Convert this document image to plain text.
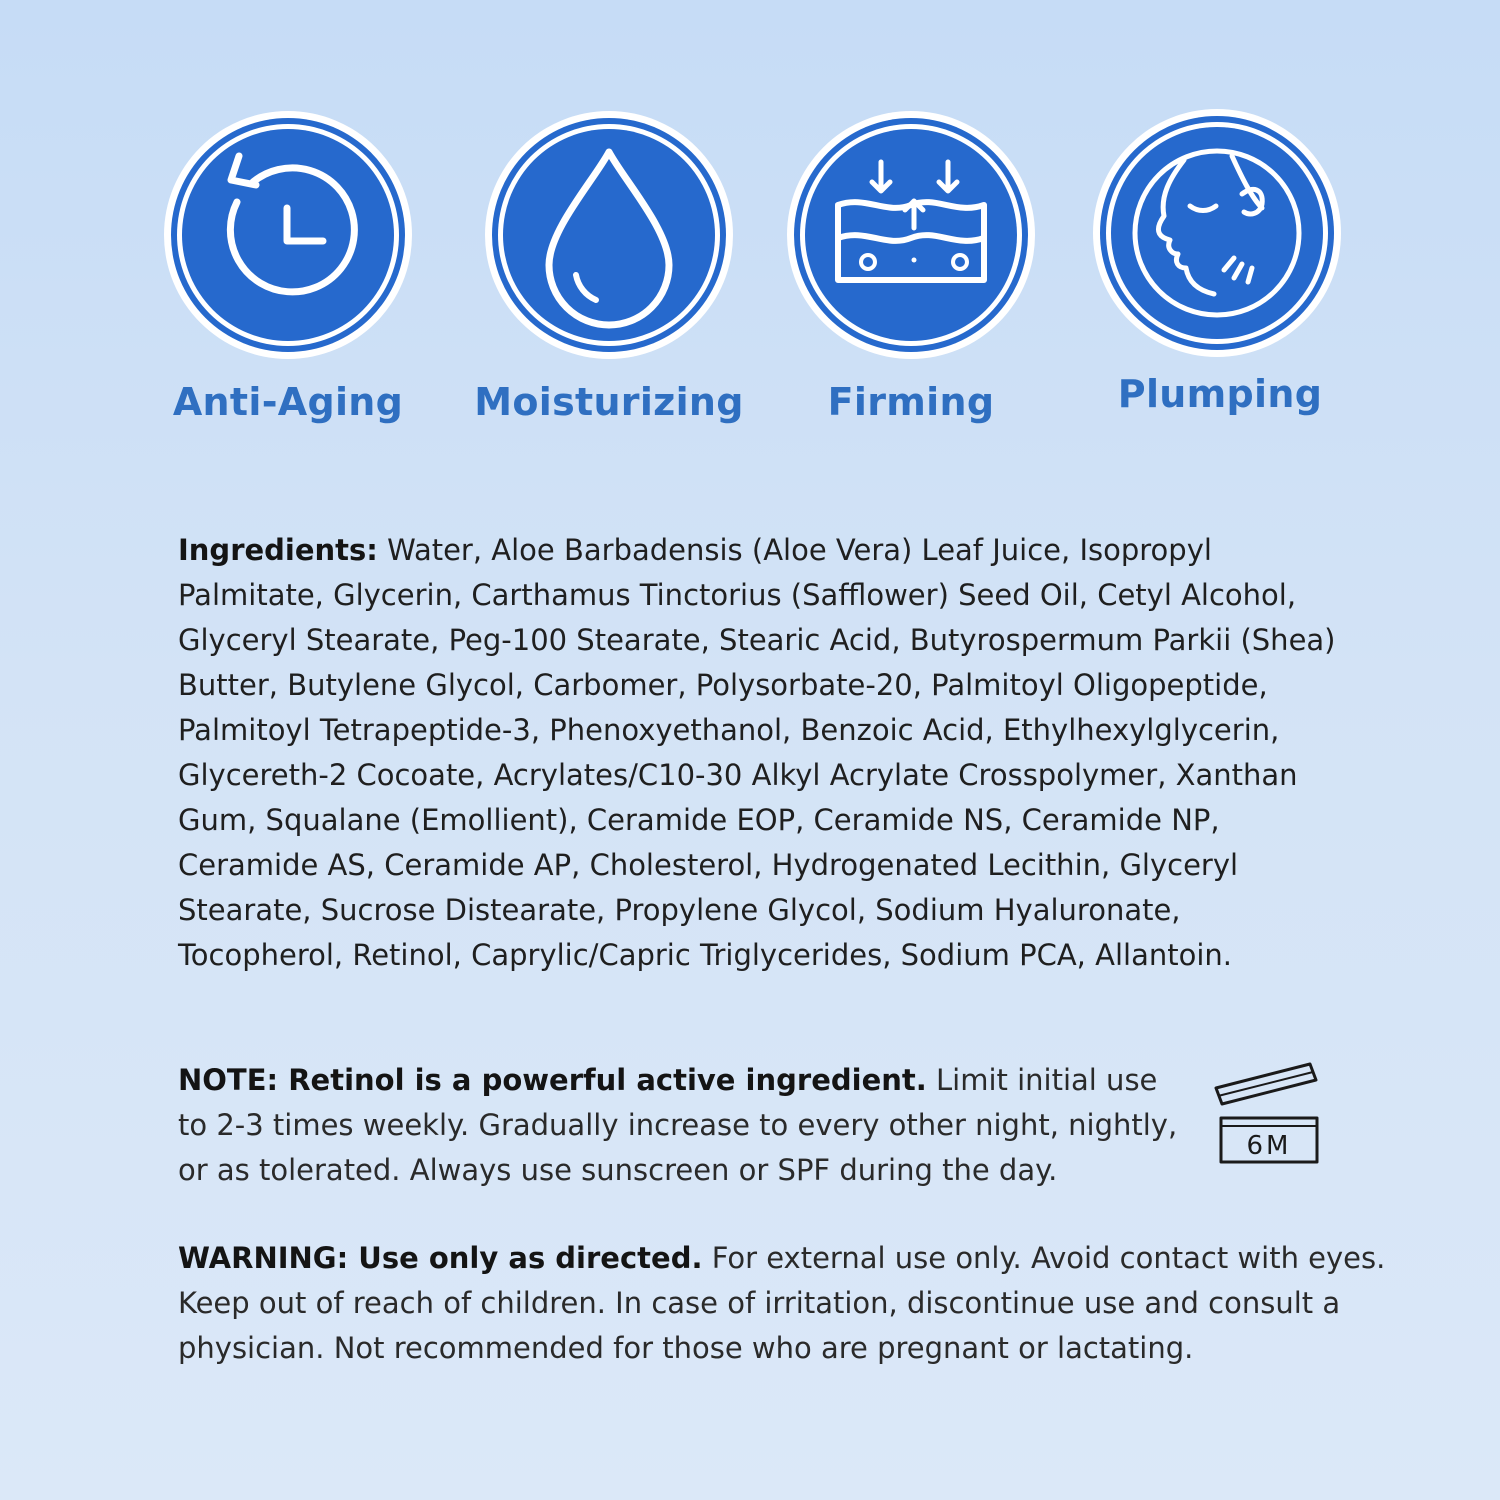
Anti-Aging Moisturizing Firming	Plumping
Ingredients: Water, Aloe Barbadensis (Aloe Vera) Leaf Juice, Isopropyl Palmitate, Glycerin, Carthamus Tinctorius (Safflower) Seed Oil, Cetyl Alcohol, Glyceryl Stearate, Peg-100 Stearate, Stearic Acid, Butyrospermum Parkii (Shea) Butter, Butylene Glycol, Carbomer, Polysorbate-20, Palmitoyl Oligopeptide, Palmitoyl Tetrapeptide-3, Phenoxyethanol, Benzoic Acid, Ethylhexylglycerin, Glycereth-2 Cocoate, Acrylates/C10-30 Alkyl Acrylate Crosspolymer, Xanthan Gum, Squalane (Emollient), Ceramide EOP, Ceramide NS, Ceramide NP, Ceramide AS, Ceramide AP, Cholesterol, Hydrogenated Lecithin, Glyceryl Stearate, Sucrose Distearate, Propylene Glycol, Sodium Hyaluronate, Tocopherol, Retinol, Caprylic/Capric Triglycerides, Sodium PCA, Allantoin.
NOTE: Retinol is a powerful active ingredient. Limit initial use to 2-3 times weekly. Gradually increase to every other night, nightly, or as tolerated. Always use sunscreen or SPF during the day.
6M
WARNING: Use only as directed. For external use only. Avoid contact with eyes. Keep out of reach of children. In case of irritation, discontinue use and consult a physician. Not recommended for those who are pregnant or lactating.
